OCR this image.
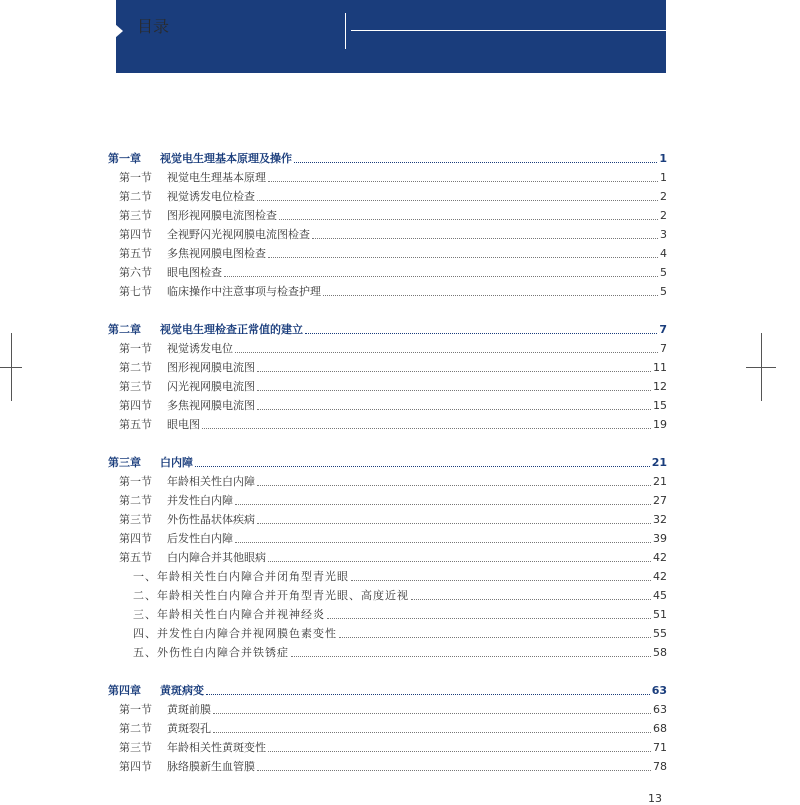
目录
第一章 视觉电生理基本原理及操作	1
第一节 视觉电生理基本原理	1
第二节 视觉诱发电位检查	2
第三节 图形视网膜电流图检查	2
第四节 全视野闪光视网膜电流图检查	3
第五节 多焦视网膜电图检查	4
第六节 眼电图检查	5
第七节 临床操作中注意事项与检查护理	5
第二章 视觉电生理检查正常值的建立	7
第一节 视觉诱发电位	7
第二节 图形视网膜电流图	11
第三节 闪光视网膜电流图	12
第四节 多焦视网膜电流图	15
第五节 眼电图	19
第三章 白内障	21
第一节 年龄相关性白内障	21
第二节 并发性白内障	27
第三节 外伤性晶状体疾病	32
第四节 后发性白内障	39
第五节 白内障合并其他眼病	42
一、年龄相关性白内障合并闭角型青光眼	42
二、年龄相关性白内障合并开角型青光眼、高度近视	45
三、年龄相关性白内障合并视神经炎	51
四、并发性白内障合并视网膜色素变性	55
五、外伤性白内障合并铁锈症	58
第四章 黄斑病变	63
第一节 黄斑前膜	63
第二节 黄斑裂孔	68
第三节 年龄相关性黄斑变性	71
第四节 脉络膜新生血管膜	78
13
